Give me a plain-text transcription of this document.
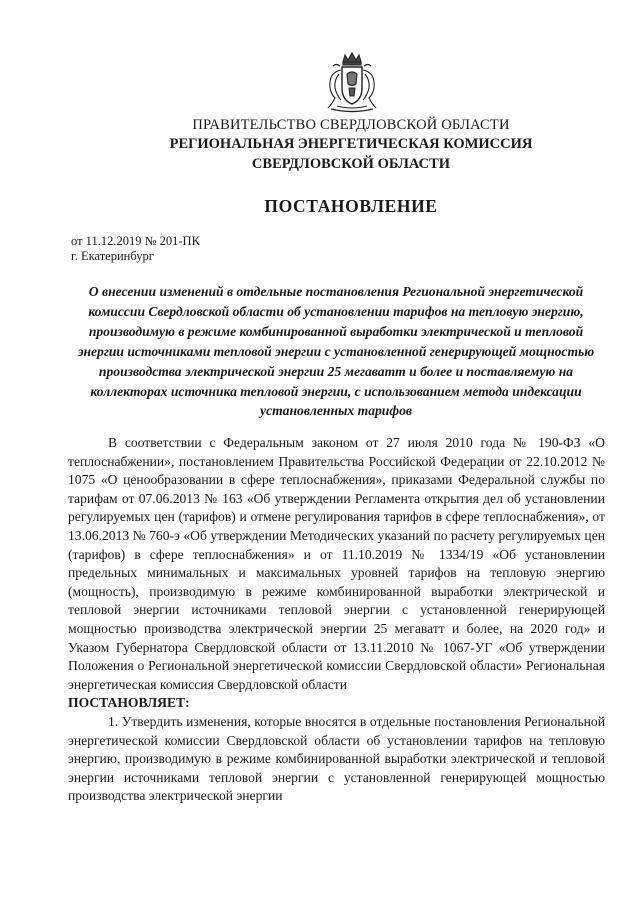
ПРАВИТЕЛЬСТВО СВЕРДЛОВСКОЙ ОБЛАСТИ
РЕГИОНАЛЬНАЯ ЭНЕРГЕТИЧЕСКАЯ КОМИССИЯ
СВЕРДЛОВСКОЙ ОБЛАСТИ
ПОСТАНОВЛЕНИЕ
от 11.12.2019 № 201-ПК
г. Екатеринбург
О внесении изменений в отдельные постановления Региональной энергетической комиссии Свердловской области об установлении тарифов на тепловую энергию, производимую в режиме комбинированной выработки электрической и тепловой энергии источниками тепловой энергии с установленной генерирующей мощностью производства электрической энергии 25 мегаватт и более и поставляемую на коллекторах источника тепловой энергии, с использованием метода индексации установленных тарифов

В соответствии с Федеральным законом от 27 июля 2010 года № 190-ФЗ «О теплоснабжении», постановлением Правительства Российской Федерации от 22.10.2012 № 1075 «О ценообразовании в сфере теплоснабжения», приказами Федеральной службы по тарифам от 07.06.2013 № 163 «Об утверждении Регламента открытия дел об установлении регулируемых цен (тарифов) и отмене регулирования тарифов в сфере теплоснабжения», от 13.06.2013 № 760-э «Об утверждении Методических указаний по расчету регулируемых цен (тарифов) в сфере теплоснабжения» и от 11.10.2019 № 1334/19 «Об установлении предельных минимальных и максимальных уровней тарифов на тепловую энергию (мощность), производимую в режиме комбинированной выработки электрической и тепловой энергии источниками тепловой энергии с установленной генерирующей мощностью производства электрической энергии 25 мегаватт и более, на 2020 год» и Указом Губернатора Свердловской области от 13.11.2010 № 1067-УГ «Об утверждении Положения о Региональной энергетической комиссии Свердловской области» Региональная энергетическая комиссия Свердловской области

ПОСТАНОВЛЯЕТ:

1. Утвердить изменения, которые вносятся в отдельные постановления Региональной энергетической комиссии Свердловской области об установлении тарифов на тепловую энергию, производимую в режиме комбинированной выработки электрической и тепловой энергии источниками тепловой энергии с установленной генерирующей мощностью производства электрической энергии
